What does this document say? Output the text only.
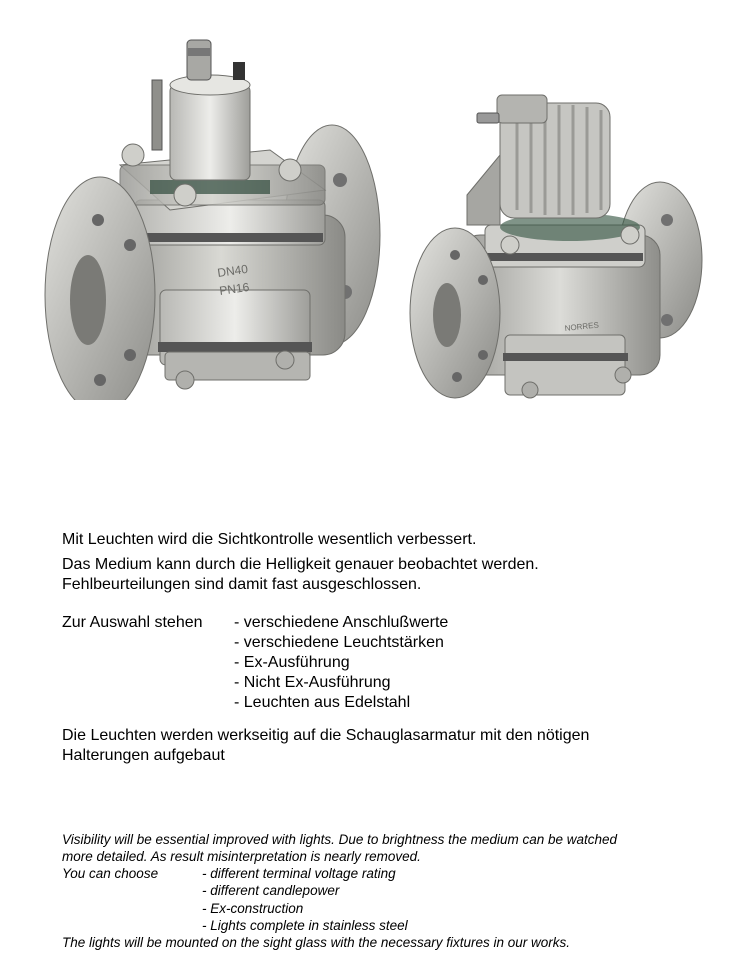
DN40
PN16
NORRES

Mit Leuchten wird die Sichtkontrolle wesentlich verbessert.

Das Medium kann durch die Helligkeit genauer beobachtet werden.

Fehlbeurteilungen sind damit fast ausgeschlossen.

Zur Auswahl stehen	- verschiedene Anschlußwerte

- verschiedene Leuchtstärken

- Ex-Ausführung

- Nicht Ex-Ausführung

- Leuchten aus Edelstahl

Die Leuchten werden werkseitig auf die Schauglasarmatur mit den nötigen

Halterungen aufgebaut

Visibility will be essential improved with lights. Due to brightness the medium can be watched

more detailed. As result misinterpretation is nearly removed.

You can choose	- different terminal voltage rating

- different candlepower

- Ex-construction

- Lights complete in stainless steel

The lights will be mounted on the sight glass with the necessary fixtures in our works.
